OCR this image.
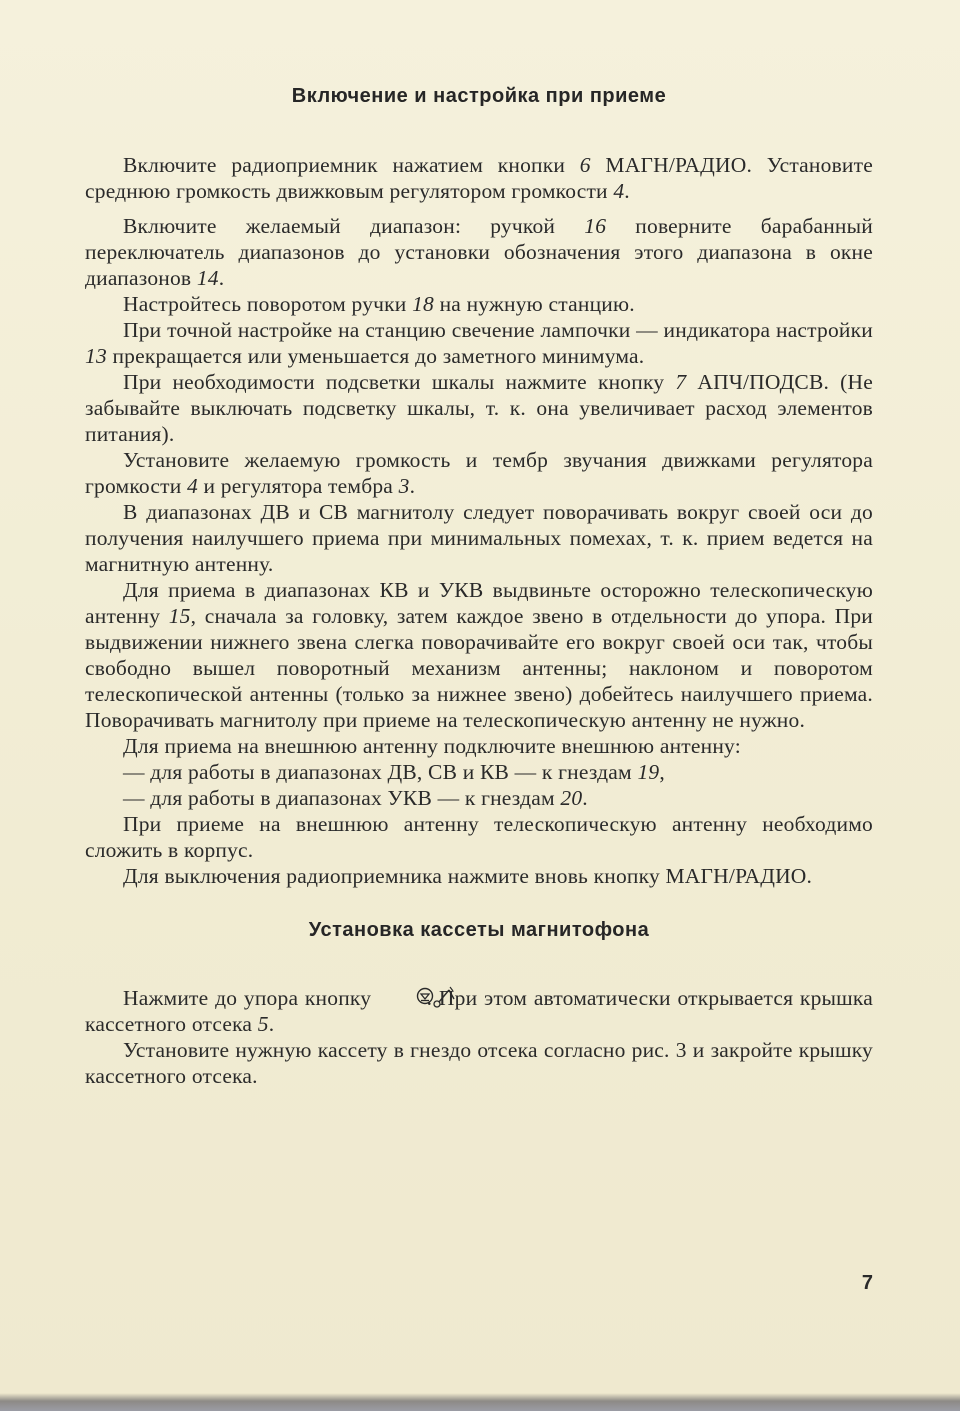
Включение и настройка при приеме

Включите радиоприемник нажатием кнопки 6 МАГН/РАДИО. Установите среднюю громкость движковым регулятором громкости 4.

Включите желаемый диапазон: ручкой 16 поверните барабанный переключатель диапазонов до установки обозначения этого диапазона в окне диапазонов 14.

Настройтесь поворотом ручки 18 на нужную станцию.

При точной настройке на станцию свечение лампочки — индикатора настройки 13 прекращается или уменьшается до заметного минимума.

При необходимости подсветки шкалы нажмите кнопку 7 АПЧ/ПОДСВ. (Не забывайте выключать подсветку шкалы, т. к. она увеличивает расход элементов питания).

Установите желаемую громкость и тембр звучания движками регулятора громкости 4 и регулятора тембра 3.

В диапазонах ДВ и СВ магнитолу следует поворачивать вокруг своей оси до получения наилучшего приема при минимальных помехах, т. к. прием ведется на магнитную антенну.

Для приема в диапазонах КВ и УКВ выдвиньте осторожно телескопическую антенну 15, сначала за головку, затем каждое звено в отдельности до упора. При выдвижении нижнего звена слегка поворачивайте его вокруг своей оси так, чтобы свободно вышел поворотный механизм антенны; наклоном и поворотом телескопической антенны (только за нижнее звено) добейтесь наилучшего приема. Поворачивать магнитолу при приеме на телескопическую антенну не нужно.

Для приема на внешнюю антенну подключите внешнюю антенну:

— для работы в диапазонах ДВ, СВ и КВ — к гнездам 19,

— для работы в диапазонах УКВ — к гнездам 20.

При приеме на внешнюю антенну телескопическую антенну необходимо сложить в корпус.

Для выключения радиоприемника нажмите вновь кнопку МАГН/РАДИО.

Установка кассеты магнитофона

Нажмите до упора кнопку  . При этом автоматически открывается крышка кассетного отсека 5.

Установите нужную кассету в гнездо отсека согласно рис. 3 и закройте крышку кассетного отсека.

7
